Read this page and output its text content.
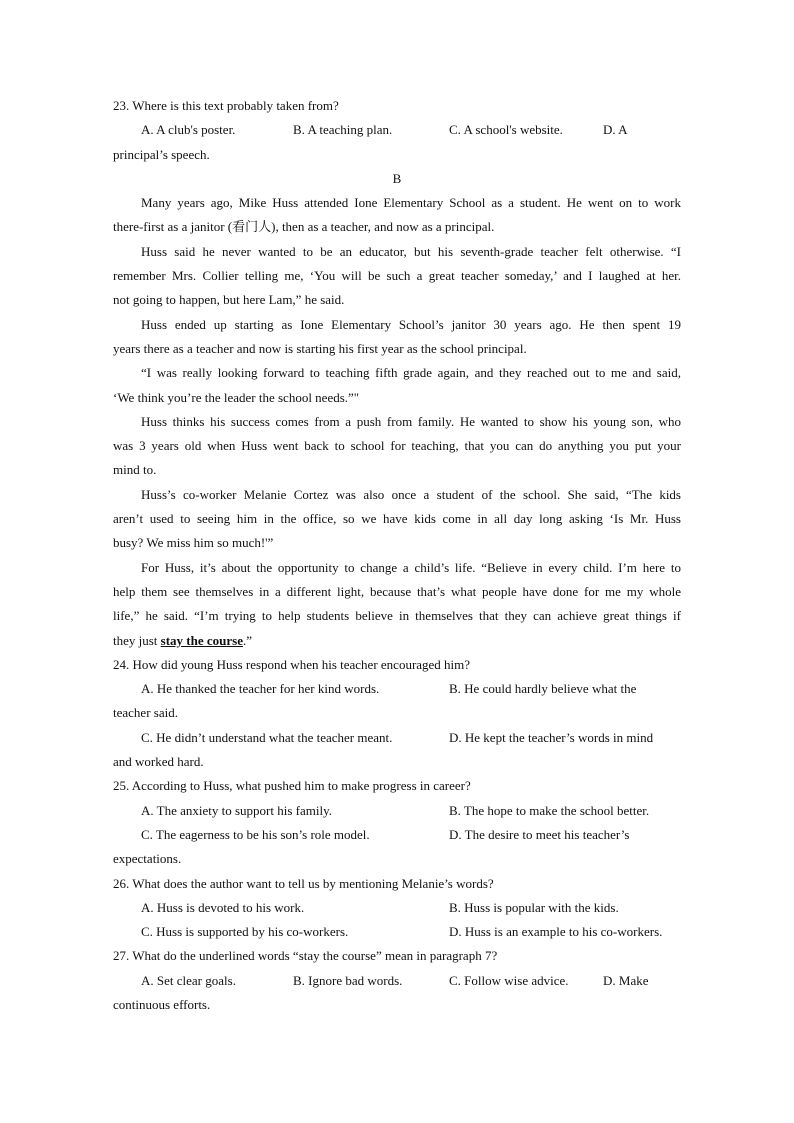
23. Where is this text probably taken from?
A. A club's poster.	B. A teaching plan.	C. A school's website.	D. A
principal’s speech.
B
Many years ago, Mike Huss attended Ione Elementary School as a student. He went on to work
there-first as a janitor (看门人), then as a teacher, and now as a principal.
Huss said he never wanted to be an educator, but his seventh-grade teacher felt otherwise. “I
remember Mrs. Collier telling me, ‘You will be such a great teacher someday,’ and I laughed at her.
not going to happen, but here Lam,” he said.
Huss ended up starting as Ione Elementary School’s janitor 30 years ago. He then spent 19
years there as a teacher and now is starting his first year as the school principal.
“I was really looking forward to teaching fifth grade again, and they reached out to me and said,
‘We think you’re the leader the school needs.”"
Huss thinks his success comes from a push from family. He wanted to show his young son, who
was 3 years old when Huss went back to school for teaching, that you can do anything you put your
mind to.
Huss’s co-worker Melanie Cortez was also once a student of the school. She said, “The kids
aren’t used to seeing him in the office, so we have kids come in all day long asking ‘Is Mr. Huss
busy? We miss him so much!'”
For Huss, it’s about the opportunity to change a child’s life. “Believe in every child. I’m here to
help them see themselves in a different light, because that’s what people have done for me my whole
life,” he said. “I’m trying to help students believe in themselves that they can achieve great things if
they just stay the course.”
24. How did young Huss respond when his teacher encouraged him?
A. He thanked the teacher for her kind words.	B. He could hardly believe what the
teacher said.
C. He didn’t understand what the teacher meant.	D. He kept the teacher’s words in mind
and worked hard.
25. According to Huss, what pushed him to make progress in career?
A. The anxiety to support his family.	B. The hope to make the school better.
C. The eagerness to be his son’s role model.	D. The desire to meet his teacher’s
expectations.
26. What does the author want to tell us by mentioning Melanie’s words?
A. Huss is devoted to his work.	B. Huss is popular with the kids.
C. Huss is supported by his co-workers.	D. Huss is an example to his co-workers.
27. What do the underlined words “stay the course” mean in paragraph 7?
A. Set clear goals.	B. Ignore bad words.	C. Follow wise advice.	D. Make
continuous efforts.
